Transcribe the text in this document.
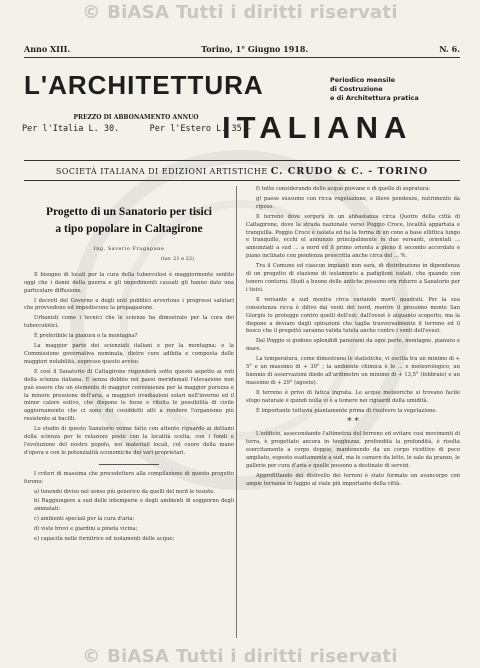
© BiASA Tutti i diritti riservati
Anno XIII.	Torino, 1° Giugno 1918.	N. 6.
L'ARCHITETTURA	Periodico mensile
di Costruzione
e di Architettura pratica
PREZZO DI ABBONAMENTO ANNUO
Per l'Italia L. 30.	Per l'Estero L. 35.-
ITALIANA
SOCIETÀ ITALIANA DI EDIZIONI ARTISTICHE C. CRUDO & C. - TORINO
Progetto di un Sanatorio per tisici
a tipo popolare in Caltagirone
Ing. Saverio Fragapane
(tav. 21 e 22)

Il bisogno di locali per la cura della tubercolosi è maggiormente sentito oggi che i danni della guerra e gli impedimenti causati gli hanno dato una particolare diffusione.

I decreti del Governo e degli enti pubblici avvertono i progressi salutari che provvedono ed impediscono la propagazione.

Urbanisti come i tecnici che le scienze ha dimostrato per la cura dei tubercolotici.

È preferibile la pianura o la montagna?

La maggior parte dei scienziati italiani e per la montagna; e la Commissione governativa nominata, dietro cure adibita e composta delle maggiori notabilità, espresse questo avviso.

E così il Sanatorio di Caltagirone risponderà sotto questo aspetto ai voti della scienza italiana. E senza dubbio nei paesi meridionali l'elevazione non può essere che un elemento di maggior convenienza per la maggior purezza e la minore pressione dell'aria, a maggiori irradiazioni solari nell'inverno ed il minor calore estivo, che dispone le forze e ritolta le possibilità di civile aggiornamento che ci sono dei cosiddetti atti a rendere l'organismo più resistente ai bacilli.

Lo studio di questo Sanatorio venne fatto con attento riguardo ai dettami della scienza per le relazioni poste con la località scelta, con i fondi e l'evoluzione del nostro popolo, noi materiali locali, col cuore della mano d'opera e con le potenzialità economiche dei vari proprietari.

I criteri di massima che precedettero alla compilazione di questo progetto furono:

a) tenendo diviso nel senso più generico da quelli del nord le tesiste.

b) Raggiungere a sud delle intemperie e degli ambienti di soggiorno degli ammalati:

c) ambienti speciali per la cura d'aria;

d) viste brevi e giardini a pineta vicina;

e) capacità nelle fornitrice ed isolamenti delle acque;

f) tutte considerando delle acque piovane e di quelle di sopratura;

g) paese sussume con ricca vegetazione, e ilieve pendenze, nutrimento da riposo.

Il terreno dove sorgerà in un abbastanza circa Quotre della città di Caltagirone, dove la strada nazionale verso Poggio Croce, località appartata e tranquilla. Poggio Croce è isolata ed ha la forma di un cono a base ellittica lungo e tranquillo, ecchi el annunzio principalmente in due versanti, orientati ... annunziati a sud ... a nord ed il primo orienta a pieno il secondo accordato e piano inclinato con pendenza prescritta anche circa del ... %.

Tra il Comune ed ciascun impianti non sarà, di distribuzione in dipendenza di un progetto di stazione di isolamento a padiglioni isolati, che quando con tenero contorni. Studi a buone delle antiche possono ora ridurre a Sanatorio per i tisici.

Il versante a sud mostra circa variando morti quadrati. Per la sua consistenza ricca è dilivo dai venti del nord, mentre il prossimo monte San Giorgio lo protegge contro quelli dell'est; dall'ovest è alquanto scoperto, ma la dispone a deviare dagli spirazioni che taglia trasversalmente il terreno ed il bosco che il progettò saranno valida tutela anche contro i venti dell'ovest.

Dal Poggio si godono splendidi panorami da ogni parte, montagne, pianura e mare.

La temperatura, come dimostrano le statistiche, vi oscilla tra un minimo di + 5° e un massimo di + 30° ; la ambiente chimica è lo ... e meteorologico, un biennio di osservazioni diede all'ardimetro un minimo di + 13,5° (febbraio) e un massimo di + 29° (agosto).

Il terreno è privo di fatica ingrata. Le acque meteoriche si trovano facile sfogo naturale e quindi nulla vi è a temere nei riguardi della umidità.

È importante tuttavia piantamente prima di risolvere la vegetazione.

* *

L'edificio, assecondando l'altimetria del terreno ed evitare così movimenti di terra, è progettato ancora in lunghezza, profondità la profondità, è risolta esercitamente a corpo doppio, mantenendo da un corpo ricettivo di poco ampliato, esposto esattamente a sud, ma le camere da letto, le sale da pranzo, le gallerie per cura d'aria e quelle possono a destinate di servizi.

Approfittando del dislivello dei terreni è stato formato un avancorpo con ampie terrazza in faggio al viale più importante della città.

© BiASA Tutti i diritti riservati
